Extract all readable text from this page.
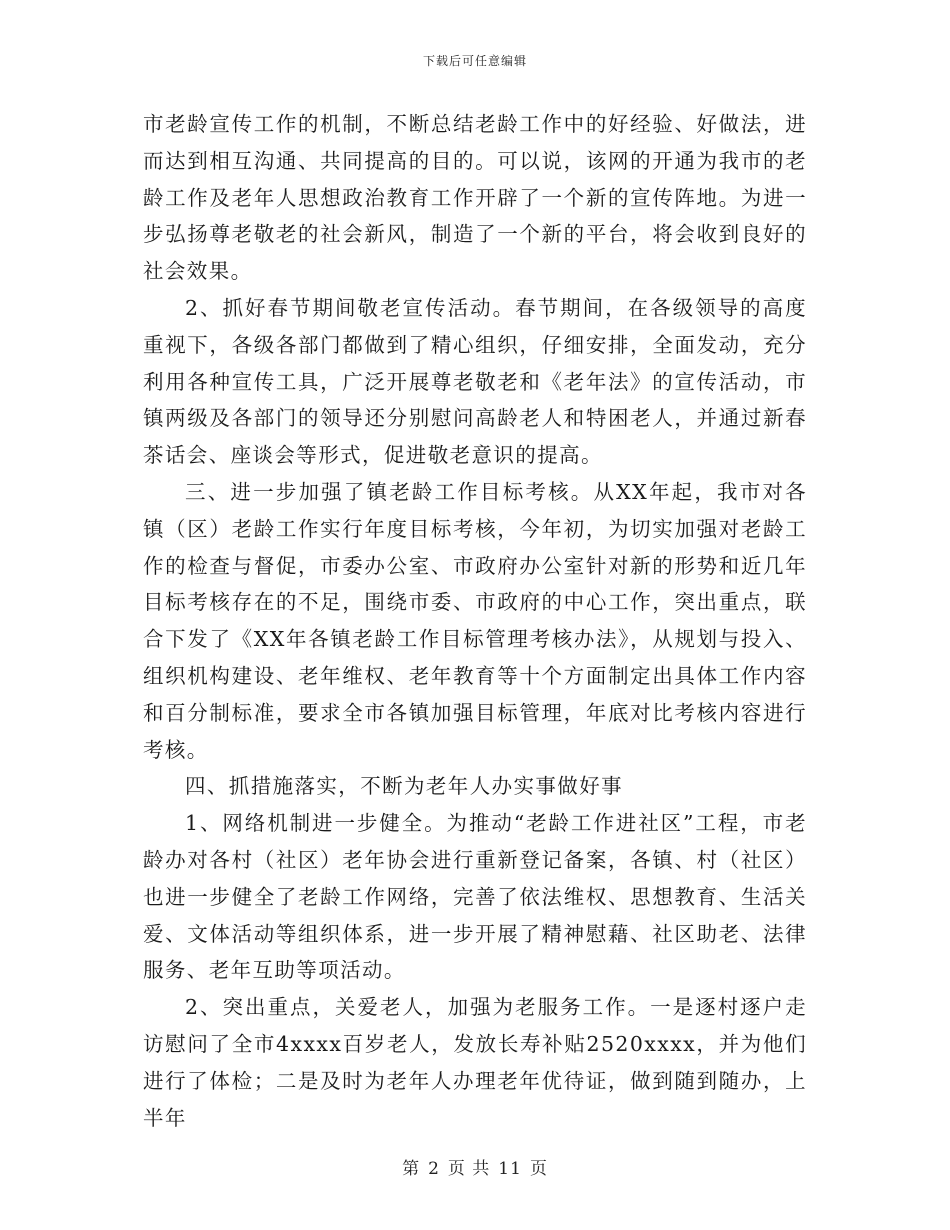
下载后可任意编辑

市老龄宣传工作的机制，不断总结老龄工作中的好经验、好做法，进而达到相互沟通、共同提高的目的。可以说，该网的开通为我市的老龄工作及老年人思想政治教育工作开辟了一个新的宣传阵地。为进一步弘扬尊老敬老的社会新风，制造了一个新的平台，将会收到良好的社会效果。

2、抓好春节期间敬老宣传活动。春节期间，在各级领导的高度重视下，各级各部门都做到了精心组织，仔细安排，全面发动，充分利用各种宣传工具，广泛开展尊老敬老和《老年法》的宣传活动，市镇两级及各部门的领导还分别慰问高龄老人和特困老人，并通过新春茶话会、座谈会等形式，促进敬老意识的提高。

三、进一步加强了镇老龄工作目标考核。从XX年起，我市对各镇（区）老龄工作实行年度目标考核，今年初，为切实加强对老龄工作的检查与督促，市委办公室、市政府办公室针对新的形势和近几年目标考核存在的不足，围绕市委、市政府的中心工作，突出重点，联合下发了《XX年各镇老龄工作目标管理考核办法》，从规划与投入、组织机构建设、老年维权、老年教育等十个方面制定出具体工作内容和百分制标准，要求全市各镇加强目标管理，年底对比考核内容进行考核。

四、抓措施落实，不断为老年人办实事做好事

1、网络机制进一步健全。为推动“老龄工作进社区”工程，市老龄办对各村（社区）老年协会进行重新登记备案，各镇、村（社区）也进一步健全了老龄工作网络，完善了依法维权、思想教育、生活关爱、文体活动等组织体系，进一步开展了精神慰藉、社区助老、法律服务、老年互助等项活动。

2、突出重点，关爱老人，加强为老服务工作。一是逐村逐户走访慰问了全市4xxxx百岁老人，发放长寿补贴2520xxxx，并为他们进行了体检；二是及时为老年人办理老年优待证，做到随到随办，上半年

第 2 页 共 11 页
